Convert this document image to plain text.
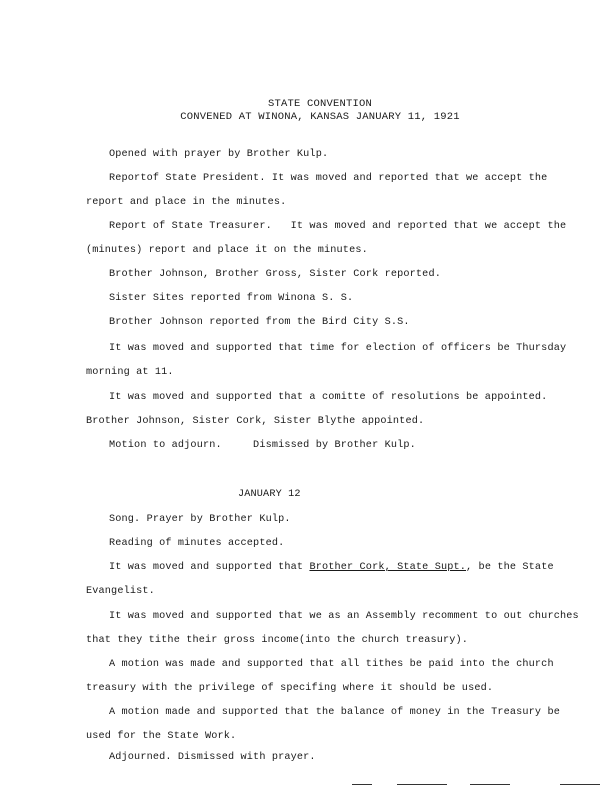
STATE CONVENTION
CONVENED AT WINONA, KANSAS JANUARY 11, 1921
Opened with prayer by Brother Kulp.
Reportof State President. It was moved and reported that we accept the
report and place in the minutes.
Report of State Treasurer.   It was moved and reported that we accept the
(minutes) report and place it on the minutes.
Brother Johnson, Brother Gross, Sister Cork reported.
Sister Sites reported from Winona S. S.
Brother Johnson reported from the Bird City S.S.
It was moved and supported that time for election of officers be Thursday
morning at 11.
It was moved and supported that a comitte of resolutions be appointed.
Brother Johnson, Sister Cork, Sister Blythe appointed.
Motion to adjourn.     Dismissed by Brother Kulp.
JANUARY 12
Song. Prayer by Brother Kulp.
Reading of minutes accepted.
It was moved and supported that Brother Cork, State Supt., be the State
Evangelist.
It was moved and supported that we as an Assembly recomment to out churches
that they tithe their gross income(into the church treasury).
A motion was made and supported that all tithes be paid into the church
treasury with the privilege of specifing where it should be used.
A motion made and supported that the balance of money in the Treasury be
used for the State Work.
Adjourned. Dismissed with prayer.
